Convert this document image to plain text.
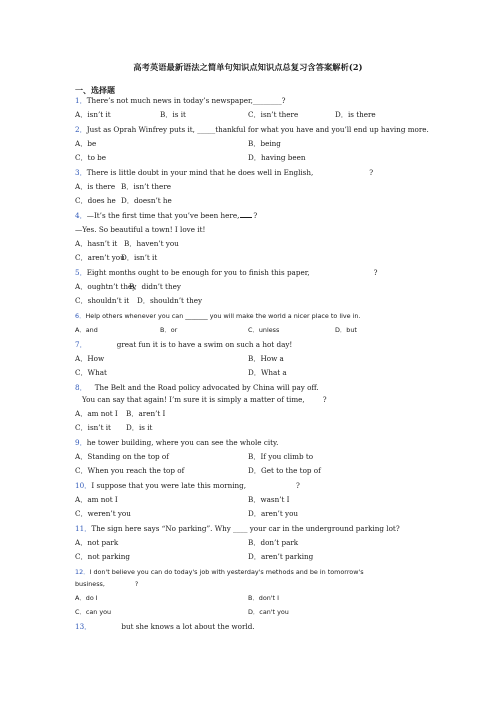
高考英语最新语法之简单句知识点知识点总复习含答案解析(2)
一、选择题
1．There’s not much news in today’s newspaper,________?
A．isn’t it	B．is it	C．isn’t there	D．is there
2．Just as Oprah Winfrey puts it, _____thankful for what you have and you’ll end up having more.
A．be	B．being
C．to be	D．having been
3．There is little doubt in your mind that he does well in English,	?
A．is there B．isn’t there
C．does he D．doesn’t he
4．—It’s the first time that you’ve been here, ?
—Yes. So beautiful a town! I love it!
A．hasn’t it B．haven’t you
C．aren’t you
D．isn’t it
5．Eight months ought to be enough for you to finish this paper,	?
A．oughtn’t they
B．didn’t they
C．shouldn’t it D．shouldn’t they
6．Help others whenever you can _______ you will make the world a nicer place to live in.
A．and	B．or	C．unless	D．but
7．	great fun it is to have a swim on such a hot day!
A．How	B．How a
C．What	D．What a
8． The Belt and the Road policy advocated by China will pay off.
You can say that again! I’m sure it is simply a matter of time,	?
A．am not I B．aren’t I
C．isn’t it D．is it
9．he tower building, where you can see the whole city.
A．Standing on the top of	B．If you climb to
C．When you reach the top of	D．Get to the top of
10．I suppose that you were late this morning,	?
A．am not I	B．wasn’t I
C．weren’t you	D．aren’t you
11．The sign here says “No parking”. Why ____ your car in the underground parking lot?
A．not park	B．don’t park
C．not parking	D．aren’t parking
12．I don't believe you can do today's job with yesterday's methods and be in tomorrow's
business,	?
A．do I	B．don't I
C．can you	D．can't you
13．	but she knows a lot about the world.
